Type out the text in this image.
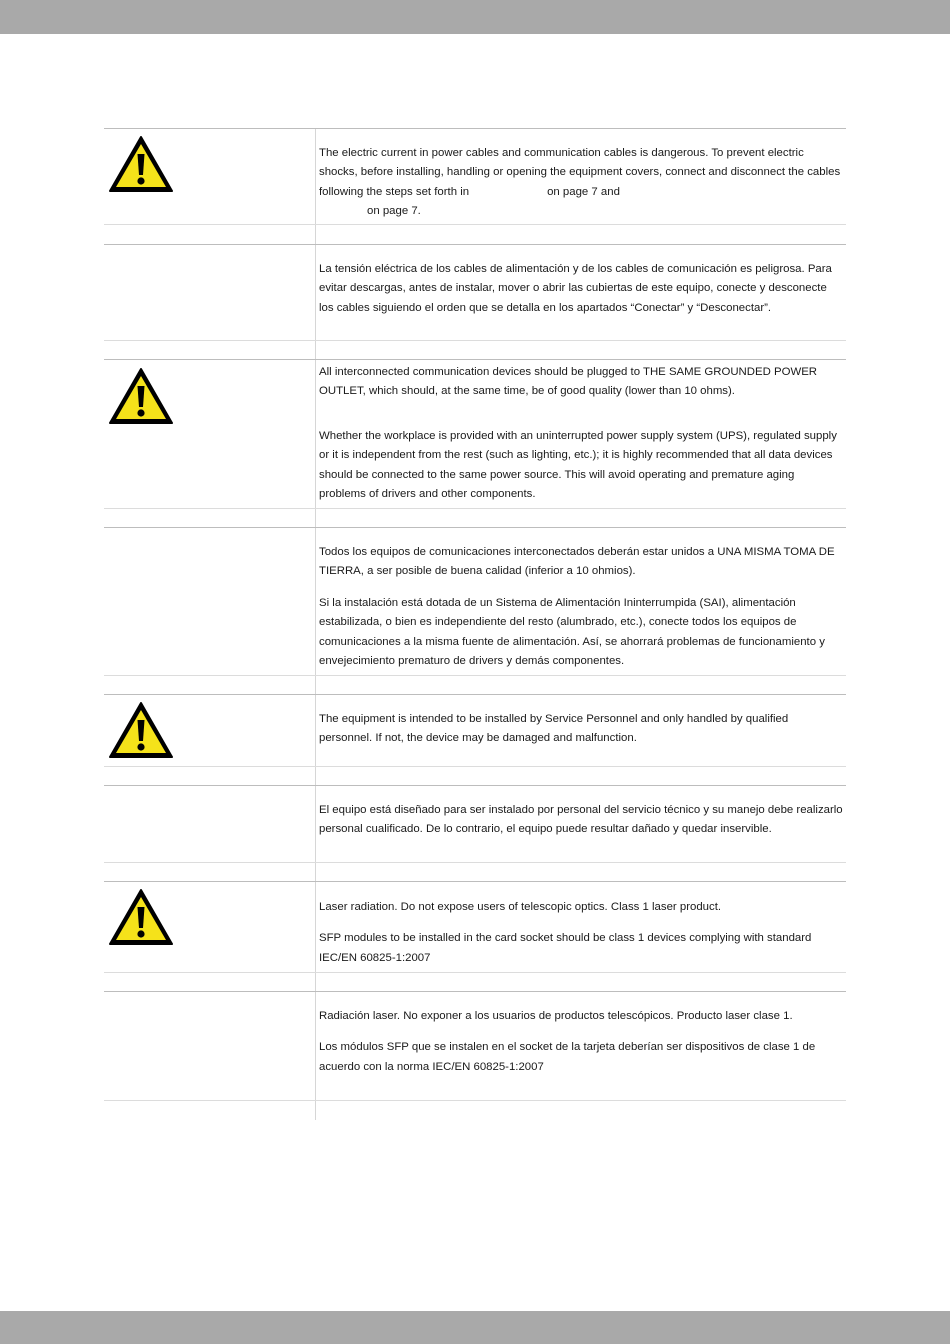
The electric current in power cables and communication cables is dangerous. To prevent electric shocks, before installing, handling or opening the equipment covers, connect and disconnect the cables following the steps set forth in	on page 7 and
on page 7.

La tensión eléctrica de los cables de alimentación y de los cables de comunicación es peligrosa. Para evitar descargas, antes de instalar, mover o abrir las cubiertas de este equipo, conecte y desconecte los cables siguiendo el orden que se detalla en los apartados “Conectar” y “Desconectar”.

All interconnected communication devices should be plugged to THE SAME GROUNDED POWER OUTLET, which should, at the same time, be of good quality (lower than 10 ohms).

Whether the workplace is provided with an uninterrupted power supply system (UPS), regulated supply or it is independent from the rest (such as lighting, etc.); it is highly recommended that all data devices should be connected to the same power source. This will avoid operating and premature aging problems of drivers and other components.

Todos los equipos de comunicaciones interconectados deberán estar unidos a UNA MISMA TOMA DE TIERRA, a ser posible de buena calidad (inferior a 10 ohmios).

Si la instalación está dotada de un Sistema de Alimentación Ininterrumpida (SAI), alimentación estabilizada, o bien es independiente del resto (alumbrado, etc.), conecte todos los equipos de comunicaciones a la misma fuente de alimentación. Así, se ahorrará problemas de funcionamiento y envejecimiento prematuro de drivers y demás componentes.

The equipment is intended to be installed by Service Personnel and only handled by qualified personnel. If not, the device may be damaged and malfunction.

El equipo está diseñado para ser instalado por personal del servicio técnico y su manejo debe realizarlo personal cualificado. De lo contrario, el equipo puede resultar dañado y quedar inservible.

Laser radiation. Do not expose users of telescopic optics. Class 1 laser product.

SFP modules to be installed in the card socket should be class 1 devices complying with standard IEC/EN 60825-1:2007

Radiación laser. No exponer a los usuarios de productos telescópicos. Producto laser clase 1.

Los módulos SFP que se instalen en el socket de la tarjeta deberían ser dispositivos de clase 1 de acuerdo con la norma IEC/EN 60825-1:2007
